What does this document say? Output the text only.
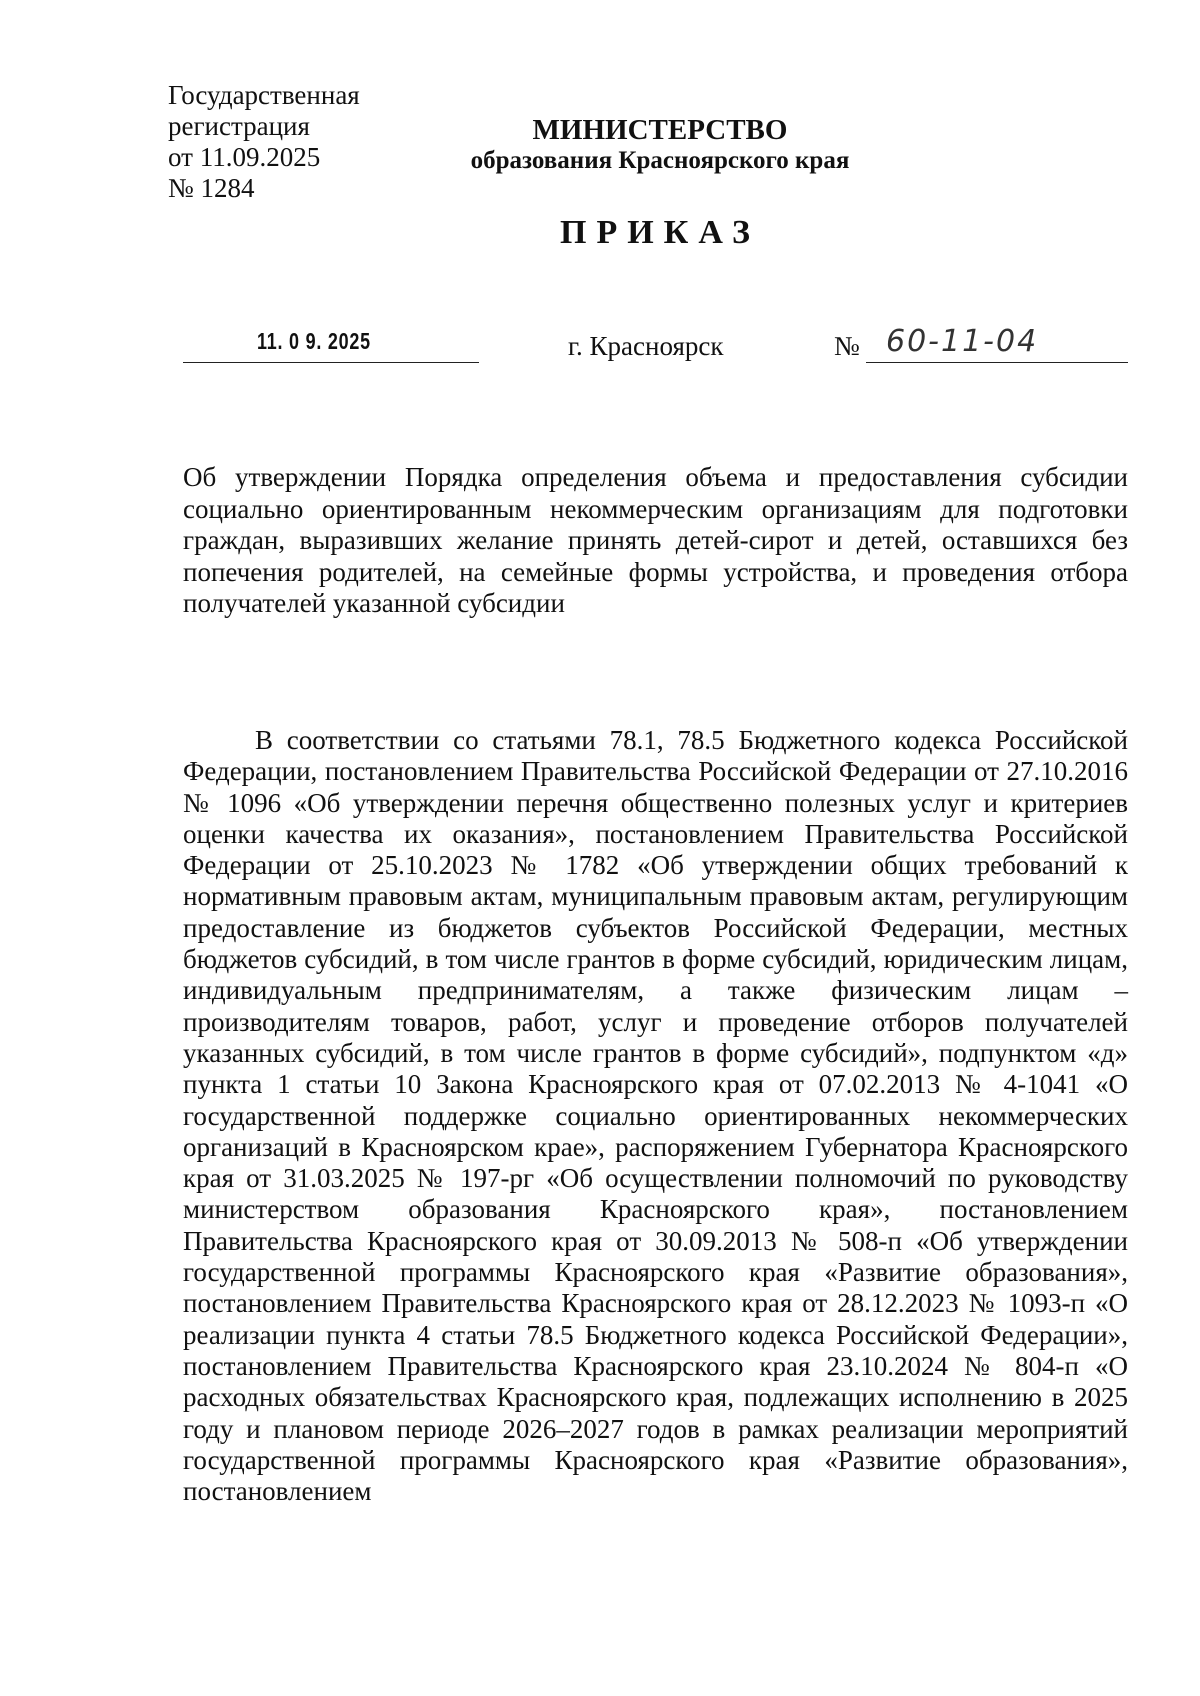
Государственная
регистрация
от 11.09.2025
№ 1284
МИНИСТЕРСТВО
образования Красноярского края
ПРИКАЗ
11. 0 9. 2025	г. Красноярск	№ 60-11-04
Об утверждении Порядка определения объема и предоставления субсидии социально ориентированным некоммерческим организациям для подготовки граждан, выразивших желание принять детей-сирот и детей, оставшихся без попечения родителей, на семейные формы устройства, и проведения отбора получателей указанной субсидии
В соответствии со статьями 78.1, 78.5 Бюджетного кодекса Российской Федерации, постановлением Правительства Российской Федерации от 27.10.2016 № 1096 «Об утверждении перечня общественно полезных услуг и критериев оценки качества их оказания», постановлением Правительства Российской Федерации от 25.10.2023 № 1782 «Об утверждении общих требований к нормативным правовым актам, муниципальным правовым актам, регулирующим предоставление из бюджетов субъектов Российской Федерации, местных бюджетов субсидий, в том числе грантов в форме субсидий, юридическим лицам, индивидуальным предпринимателям, а также физическим лицам – производителям товаров, работ, услуг и проведение отборов получателей указанных субсидий, в том числе грантов в форме субсидий», подпунктом «д» пункта 1 статьи 10 Закона Красноярского края от 07.02.2013 № 4-1041 «О государственной поддержке социально ориентированных некоммерческих организаций в Красноярском крае», распоряжением Губернатора Красноярского края от 31.03.2025 № 197-рг «Об осуществлении полномочий по руководству министерством образования Красноярского края», постановлением Правительства Красноярского края от 30.09.2013 № 508-п «Об утверждении государственной программы Красноярского края «Развитие образования», постановлением Правительства Красноярского края от 28.12.2023 № 1093-п «О реализации пункта 4 статьи 78.5 Бюджетного кодекса Российской Федерации», постановлением Правительства Красноярского края 23.10.2024 № 804-п «О расходных обязательствах Красноярского края, подлежащих исполнению в 2025 году и плановом периоде 2026–2027 годов в рамках реализации мероприятий государственной программы Красноярского края «Развитие образования», постановлением
